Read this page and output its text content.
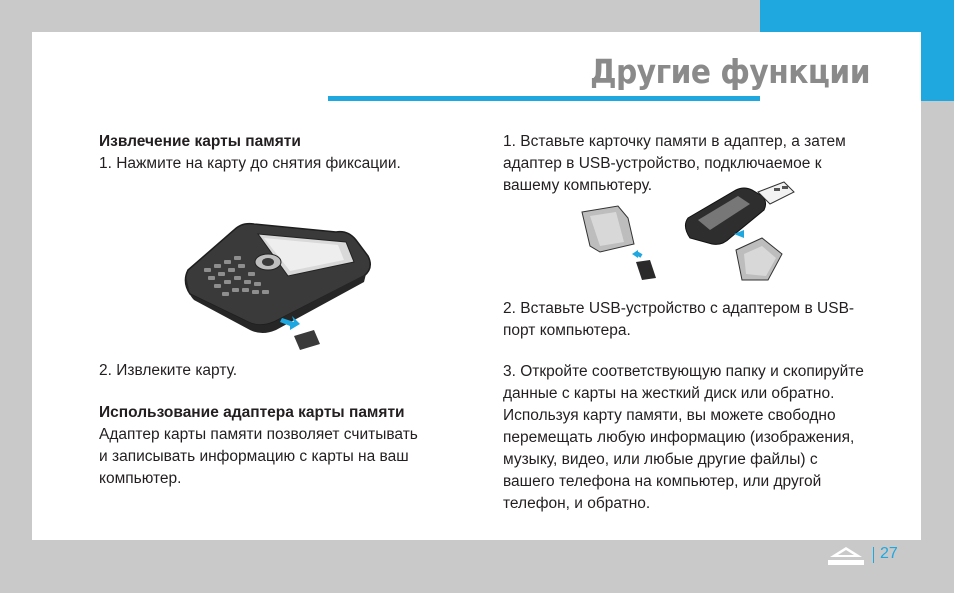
Другие функции
Извлечение карты памяти
1. Нажмите на карту до снятия фиксации.
2. Извлеките карту.
Использование адаптера карты памяти
Адаптер карты памяти позволяет считывать
и записывать информацию с карты на ваш
компьютер.
1. Вставьте карточку памяти в адаптер, а затем
адаптер в USB-устройство, подключаемое к
вашему компьютеру.
2. Вставьте USB-устройство с адаптером в USB-
порт компьютера.
3. Откройте соответствующую папку и скопируйте
данные с карты на жесткий диск или обратно.
Используя карту памяти, вы можете свободно
перемещать любую информацию (изображения,
музыку, видео, или любые другие файлы) с
вашего телефона на компьютер, или другой
телефон, и обратно.
27
